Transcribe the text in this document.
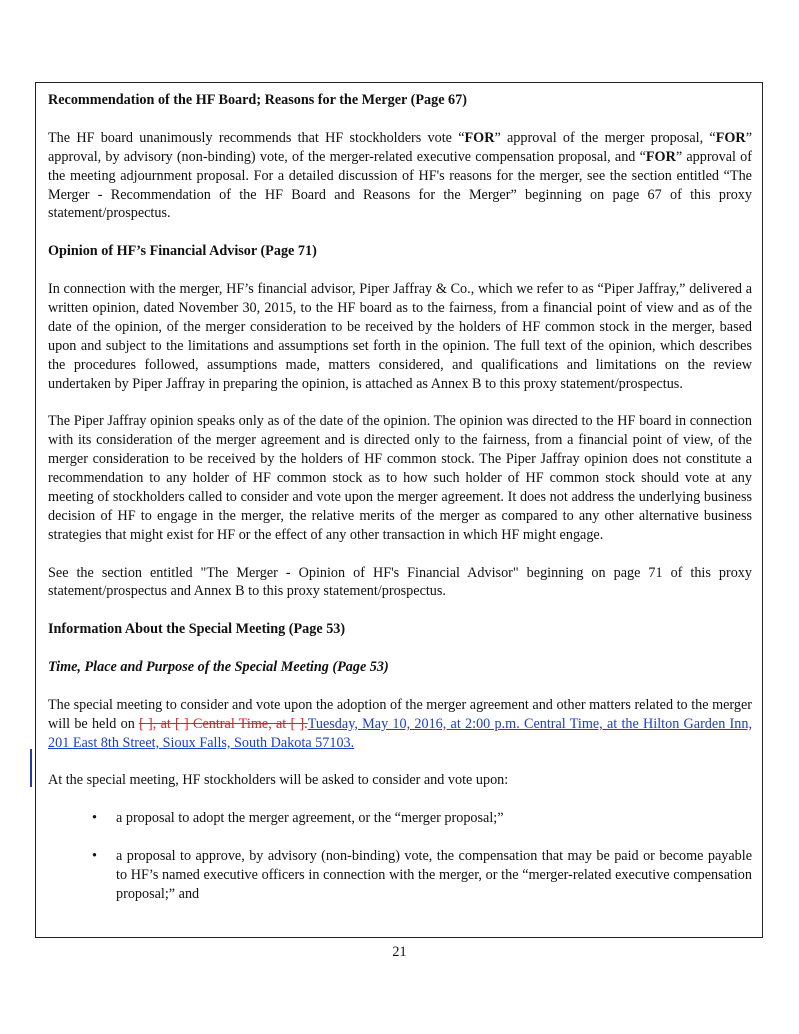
Recommendation of the HF Board; Reasons for the Merger (Page 67)

The HF board unanimously recommends that HF stockholders vote “FOR” approval of the merger proposal, “FOR” approval, by advisory (non-binding) vote, of the merger-related executive compensation proposal, and “FOR” approval of the meeting adjournment proposal. For a detailed discussion of HF's reasons for the merger, see the section entitled “The Merger - Recommendation of the HF Board and Reasons for the Merger” beginning on page 67 of this proxy statement/prospectus.

Opinion of HF’s Financial Advisor (Page 71)

In connection with the merger, HF’s financial advisor, Piper Jaffray & Co., which we refer to as “Piper Jaffray,” delivered a written opinion, dated November 30, 2015, to the HF board as to the fairness, from a financial point of view and as of the date of the opinion, of the merger consideration to be received by the holders of HF common stock in the merger, based upon and subject to the limitations and assumptions set forth in the opinion. The full text of the opinion, which describes the procedures followed, assumptions made, matters considered, and qualifications and limitations on the review undertaken by Piper Jaffray in preparing the opinion, is attached as Annex B to this proxy statement/prospectus.

The Piper Jaffray opinion speaks only as of the date of the opinion. The opinion was directed to the HF board in connection with its consideration of the merger agreement and is directed only to the fairness, from a financial point of view, of the merger consideration to be received by the holders of HF common stock. The Piper Jaffray opinion does not constitute a recommendation to any holder of HF common stock as to how such holder of HF common stock should vote at any meeting of stockholders called to consider and vote upon the merger agreement. It does not address the underlying business decision of HF to engage in the merger, the relative merits of the merger as compared to any other alternative business strategies that might exist for HF or the effect of any other transaction in which HF might engage.

See the section entitled "The Merger - Opinion of HF's Financial Advisor" beginning on page 71 of this proxy statement/prospectus and Annex B to this proxy statement/prospectus.

Information About the Special Meeting (Page 53)

Time, Place and Purpose of the Special Meeting (Page 53)

The special meeting to consider and vote upon the adoption of the merger agreement and other matters related to the merger will be held on [ ], at [ ] Central Time, at [ ].Tuesday, May 10, 2016, at 2:00 p.m. Central Time, at the Hilton Garden Inn, 201 East 8th Street, Sioux Falls, South Dakota 57103.

At the special meeting, HF stockholders will be asked to consider and vote upon:

•	a proposal to adopt the merger agreement, or the “merger proposal;”
•	a proposal to approve, by advisory (non-binding) vote, the compensation that may be paid or become payable to HF’s named executive officers in connection with the merger, or the “merger-related executive compensation proposal;” and
21
